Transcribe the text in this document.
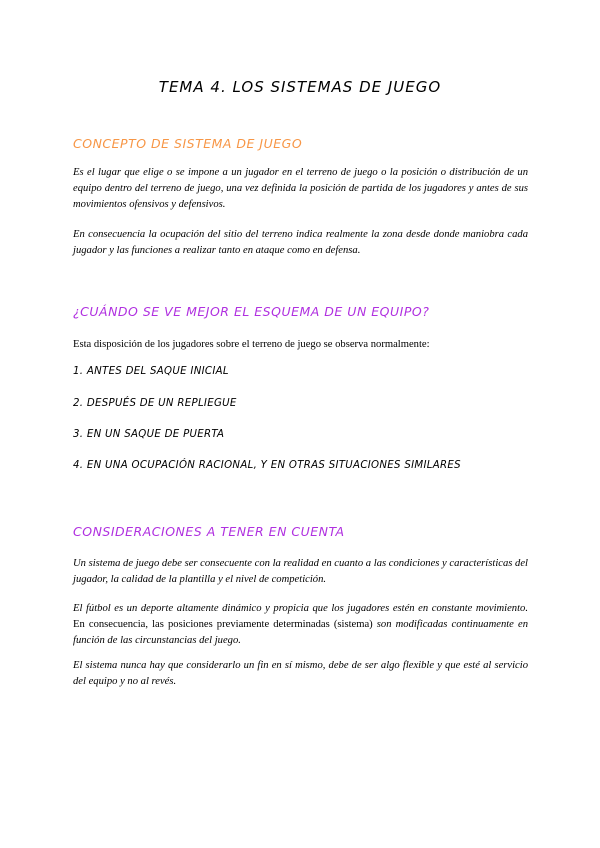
TEMA 4. LOS SISTEMAS DE JUEGO
CONCEPTO DE SISTEMA DE JUEGO

Es el lugar que elige o se impone a un jugador en el terreno de juego o la posición o distribución de un equipo dentro del terreno de juego, una vez definida la posición de partida de los jugadores y antes de sus movimientos ofensivos y defensivos.

En consecuencia la ocupación del sitio del terreno indica realmente la zona desde donde maniobra cada jugador y las funciones a realizar tanto en ataque como en defensa.

¿CUÁNDO SE VE MEJOR EL ESQUEMA DE UN EQUIPO?

Esta disposición de los jugadores sobre el terreno de juego se observa normalmente:

1. ANTES DEL SAQUE INICIAL

2. DESPUÉS DE UN REPLIEGUE

3. EN UN SAQUE DE PUERTA

4. EN UNA OCUPACIÓN RACIONAL, Y EN OTRAS SITUACIONES SIMILARES

CONSIDERACIONES A TENER EN CUENTA

Un sistema de juego debe ser consecuente con la realidad en cuanto a las condiciones y características del jugador, la calidad de la plantilla y el nivel de competición.

El fútbol es un deporte altamente dinámico y propicia que los jugadores estén en constante movimiento. En consecuencia, las posiciones previamente determinadas (sistema) son modificadas continuamente en función de las circunstancias del juego.

El sistema nunca hay que considerarlo un fin en sí mismo, debe de ser algo flexible y que esté al servicio del equipo y no al revés.
